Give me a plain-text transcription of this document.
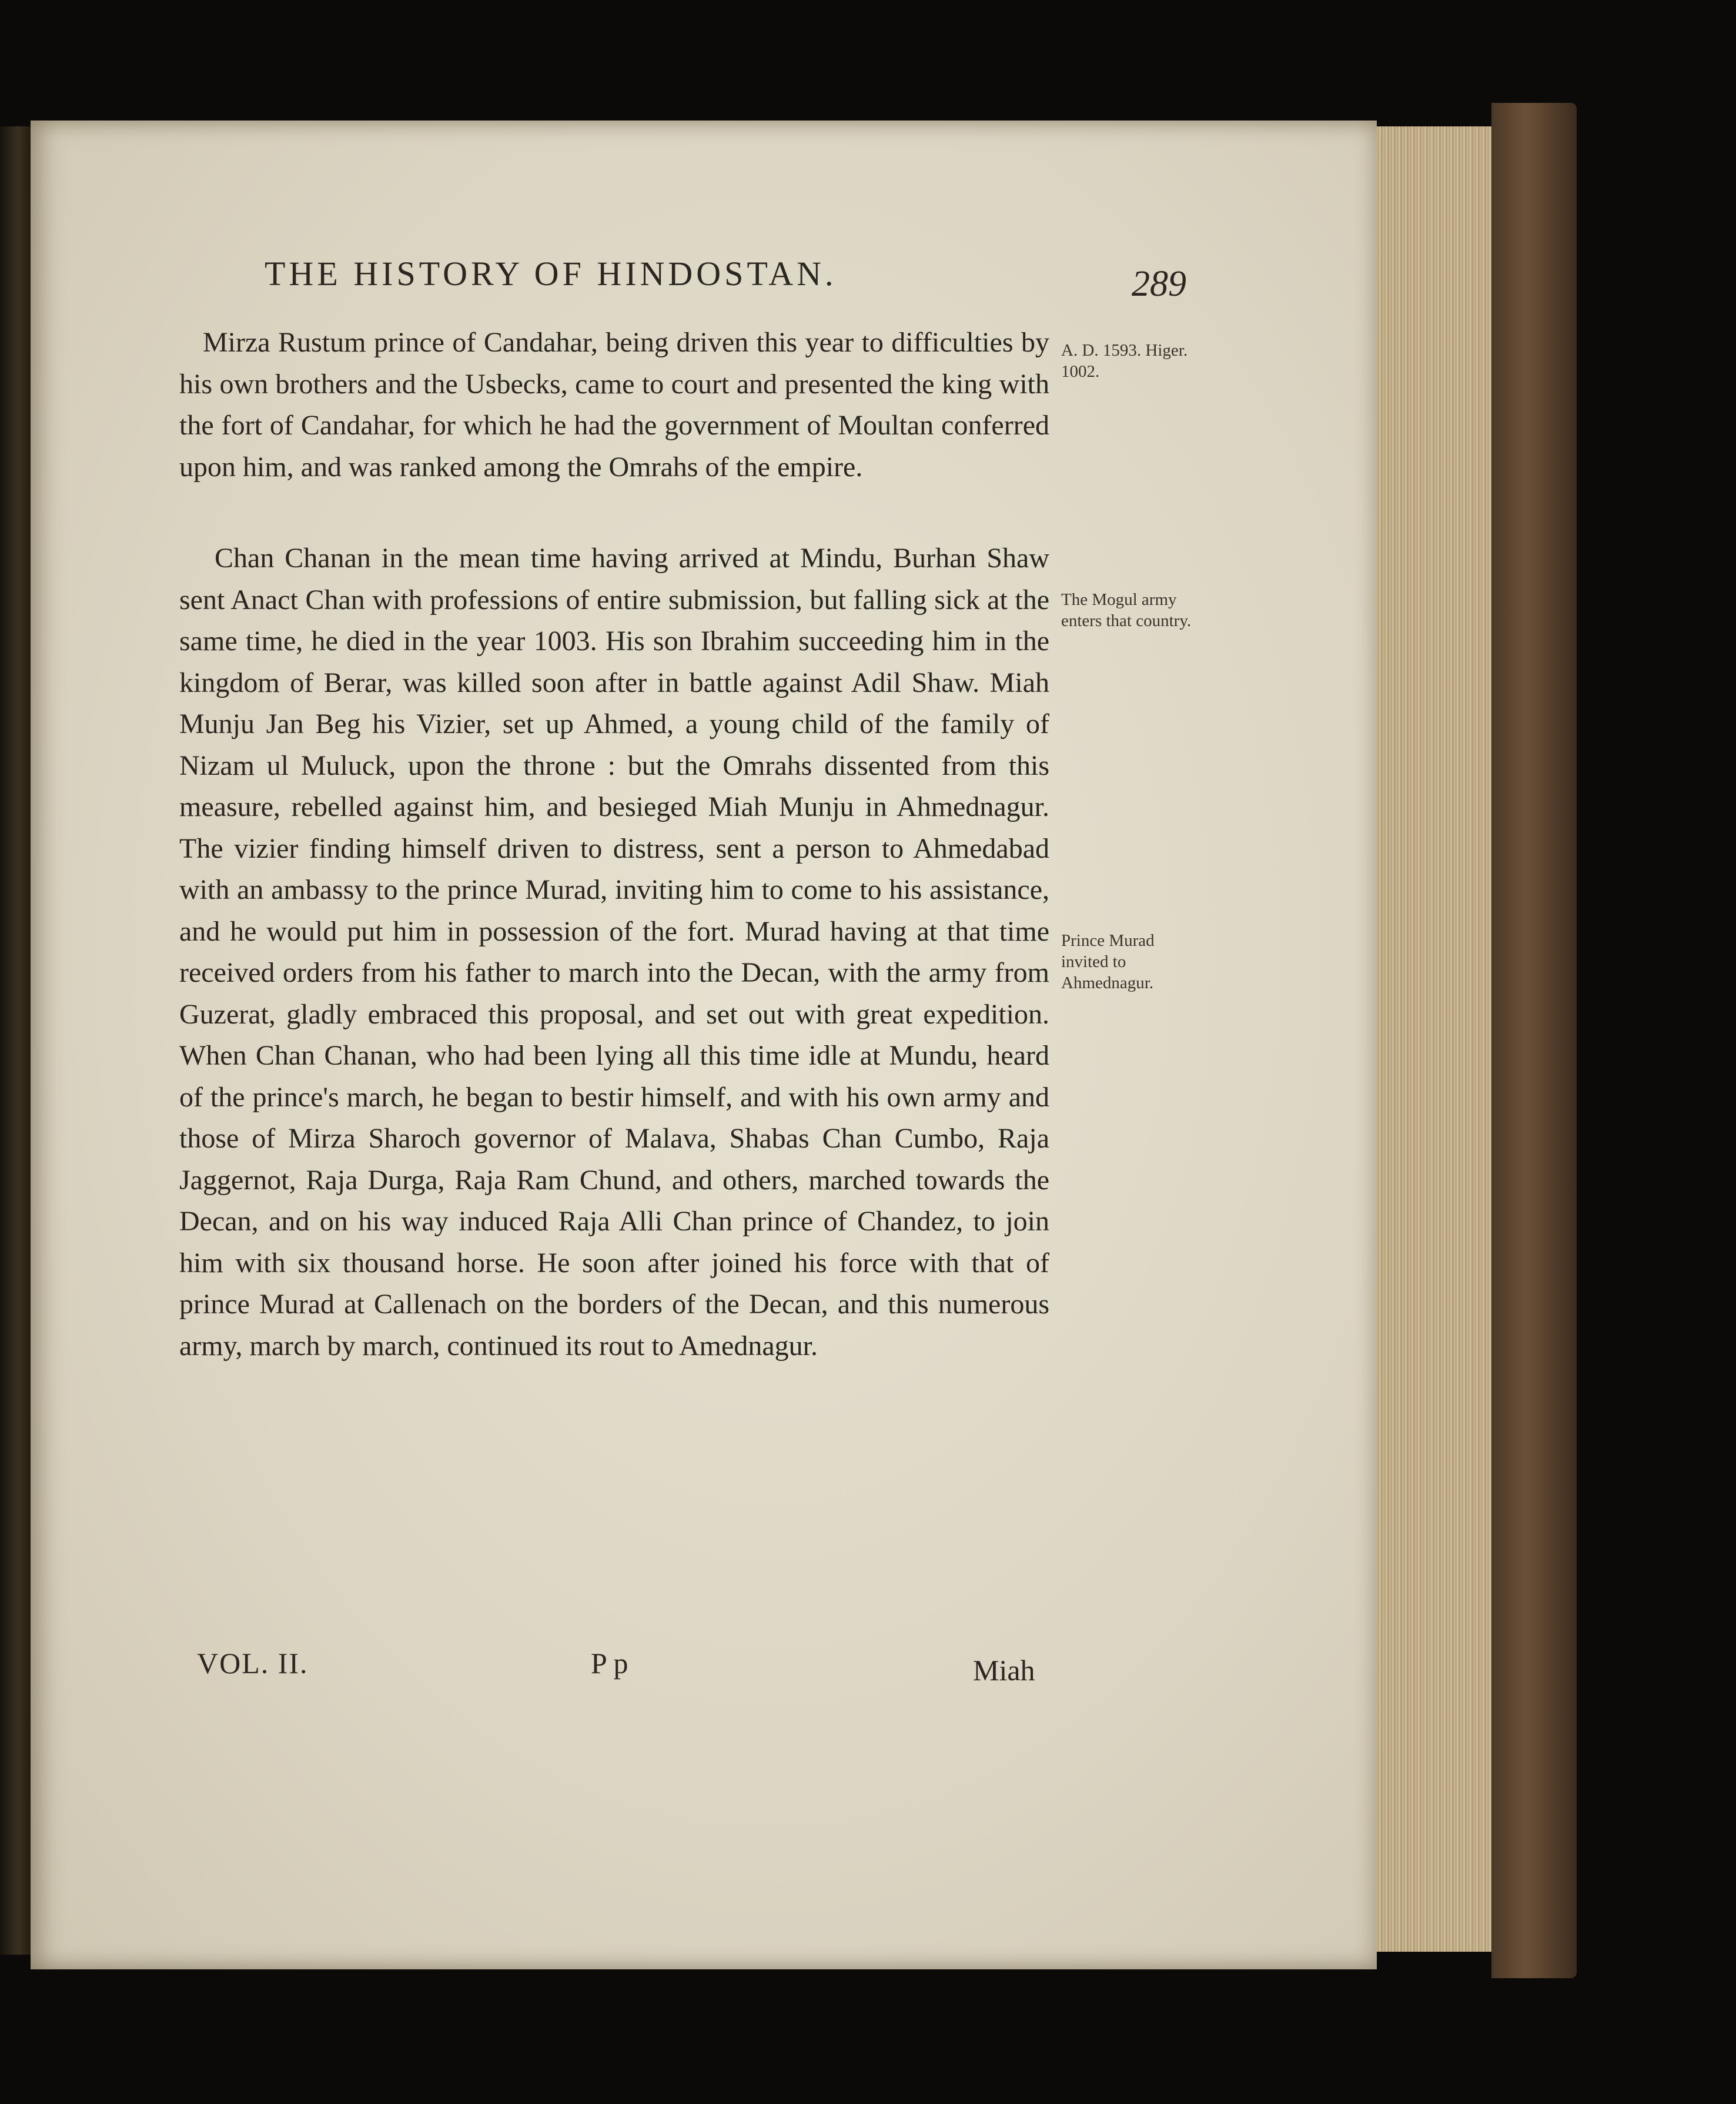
THE HISTORY OF HINDOSTAN.	289

Mirza Rustum prince of Candahar, being driven this year to difficulties by his own brothers and the Usbecks, came to court and presented the king with the fort of Candahar, for which he had the government of Moultan conferred upon him, and was ranked among the Omrahs of the empire.

Chan Chanan in the mean time having arrived at Mindu, Burhan Shaw sent Anact Chan with professions of entire submission, but falling sick at the same time, he died in the year 1003. His son Ibrahim succeeding him in the kingdom of Berar, was killed soon after in battle against Adil Shaw. Miah Munju Jan Beg his Vizier, set up Ahmed, a young child of the family of Nizam ul Muluck, upon the throne : but the Omrahs dissented from this measure, rebelled against him, and besieged Miah Munju in Ahmednagur. The vizier finding himself driven to distress, sent a person to Ahmedabad with an ambassy to the prince Murad, inviting him to come to his assistance, and he would put him in possession of the fort. Murad having at that time received orders from his father to march into the Decan, with the army from Guzerat, gladly embraced this proposal, and set out with great expedition. When Chan Chanan, who had been lying all this time idle at Mundu, heard of the prince's march, he began to bestir himself, and with his own army and those of Mirza Sharoch governor of Malava, Shabas Chan Cumbo, Raja Jaggernot, Raja Durga, Raja Ram Chund, and others, marched towards the Decan, and on his way induced Raja Alli Chan prince of Chandez, to join him with six thousand horse. He soon after joined his force with that of prince Murad at Callenach on the borders of the Decan, and this numerous army, march by march, continued its rout to Amednagur.

A. D. 1593. Higer. 1002.
The Mogul army enters that country.
Prince Murad invited to Ahmednagur.
VOL. II.	P p	Miah
